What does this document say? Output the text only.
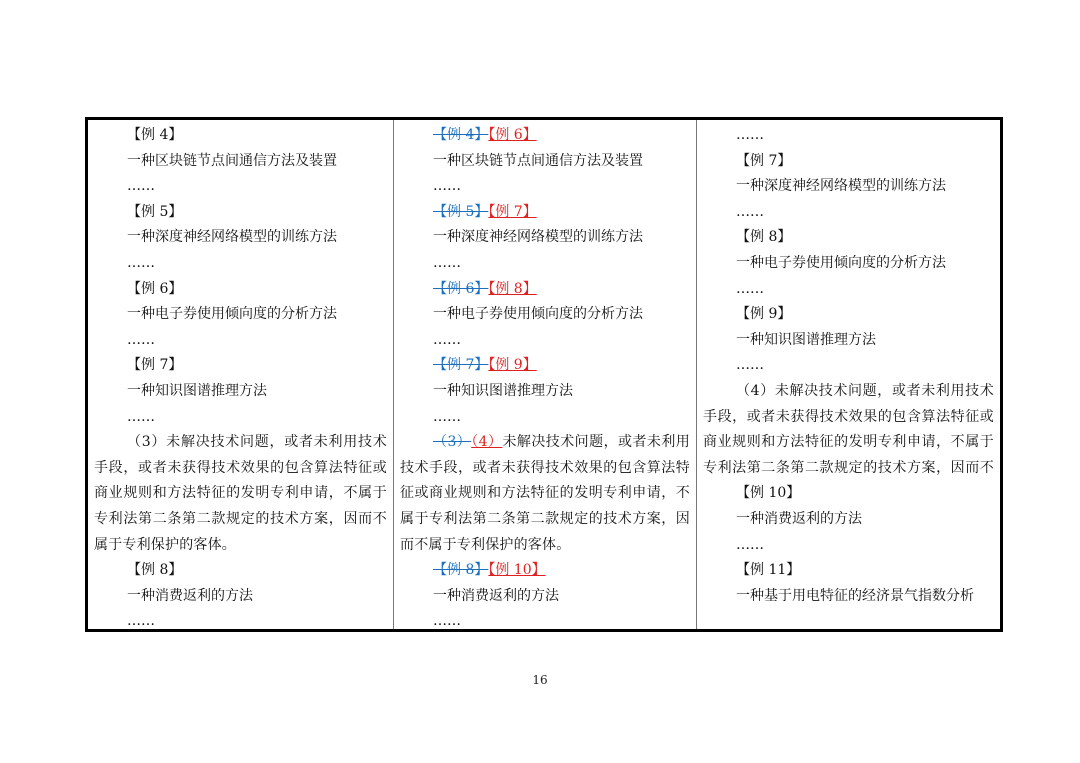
【例 4】
一种区块链节点间通信方法及装置
……
【例 5】
一种深度神经网络模型的训练方法
……
【例 6】
一种电子券使用倾向度的分析方法
……
【例 7】
一种知识图谱推理方法
……
（3）未解决技术问题，或者未利用技术手段，或者未获得技术效果的包含算法特征或商业规则和方法特征的发明专利申请，不属于专利法第二条第二款规定的技术方案，因而不属于专利保护的客体。
【例 8】
一种消费返利的方法
……
【例 4】【例 6】
一种区块链节点间通信方法及装置
……
【例 5】【例 7】
一种深度神经网络模型的训练方法
……
【例 6】【例 8】
一种电子券使用倾向度的分析方法
……
【例 7】【例 9】
一种知识图谱推理方法
……
（3）（4）未解决技术问题，或者未利用技术手段，或者未获得技术效果的包含算法特征或商业规则和方法特征的发明专利申请，不属于专利法第二条第二款规定的技术方案，因而不属于专利保护的客体。
【例 8】【例 10】
一种消费返利的方法
……
……
【例 7】
一种深度神经网络模型的训练方法
……
【例 8】
一种电子券使用倾向度的分析方法
……
【例 9】
一种知识图谱推理方法
……
（4）未解决技术问题，或者未利用技术手段，或者未获得技术效果的包含算法特征或商业规则和方法特征的发明专利申请，不属于专利法第二条第二款规定的技术方案，因而不
【例 10】
一种消费返利的方法
……
【例 11】
一种基于用电特征的经济景气指数分析
16
